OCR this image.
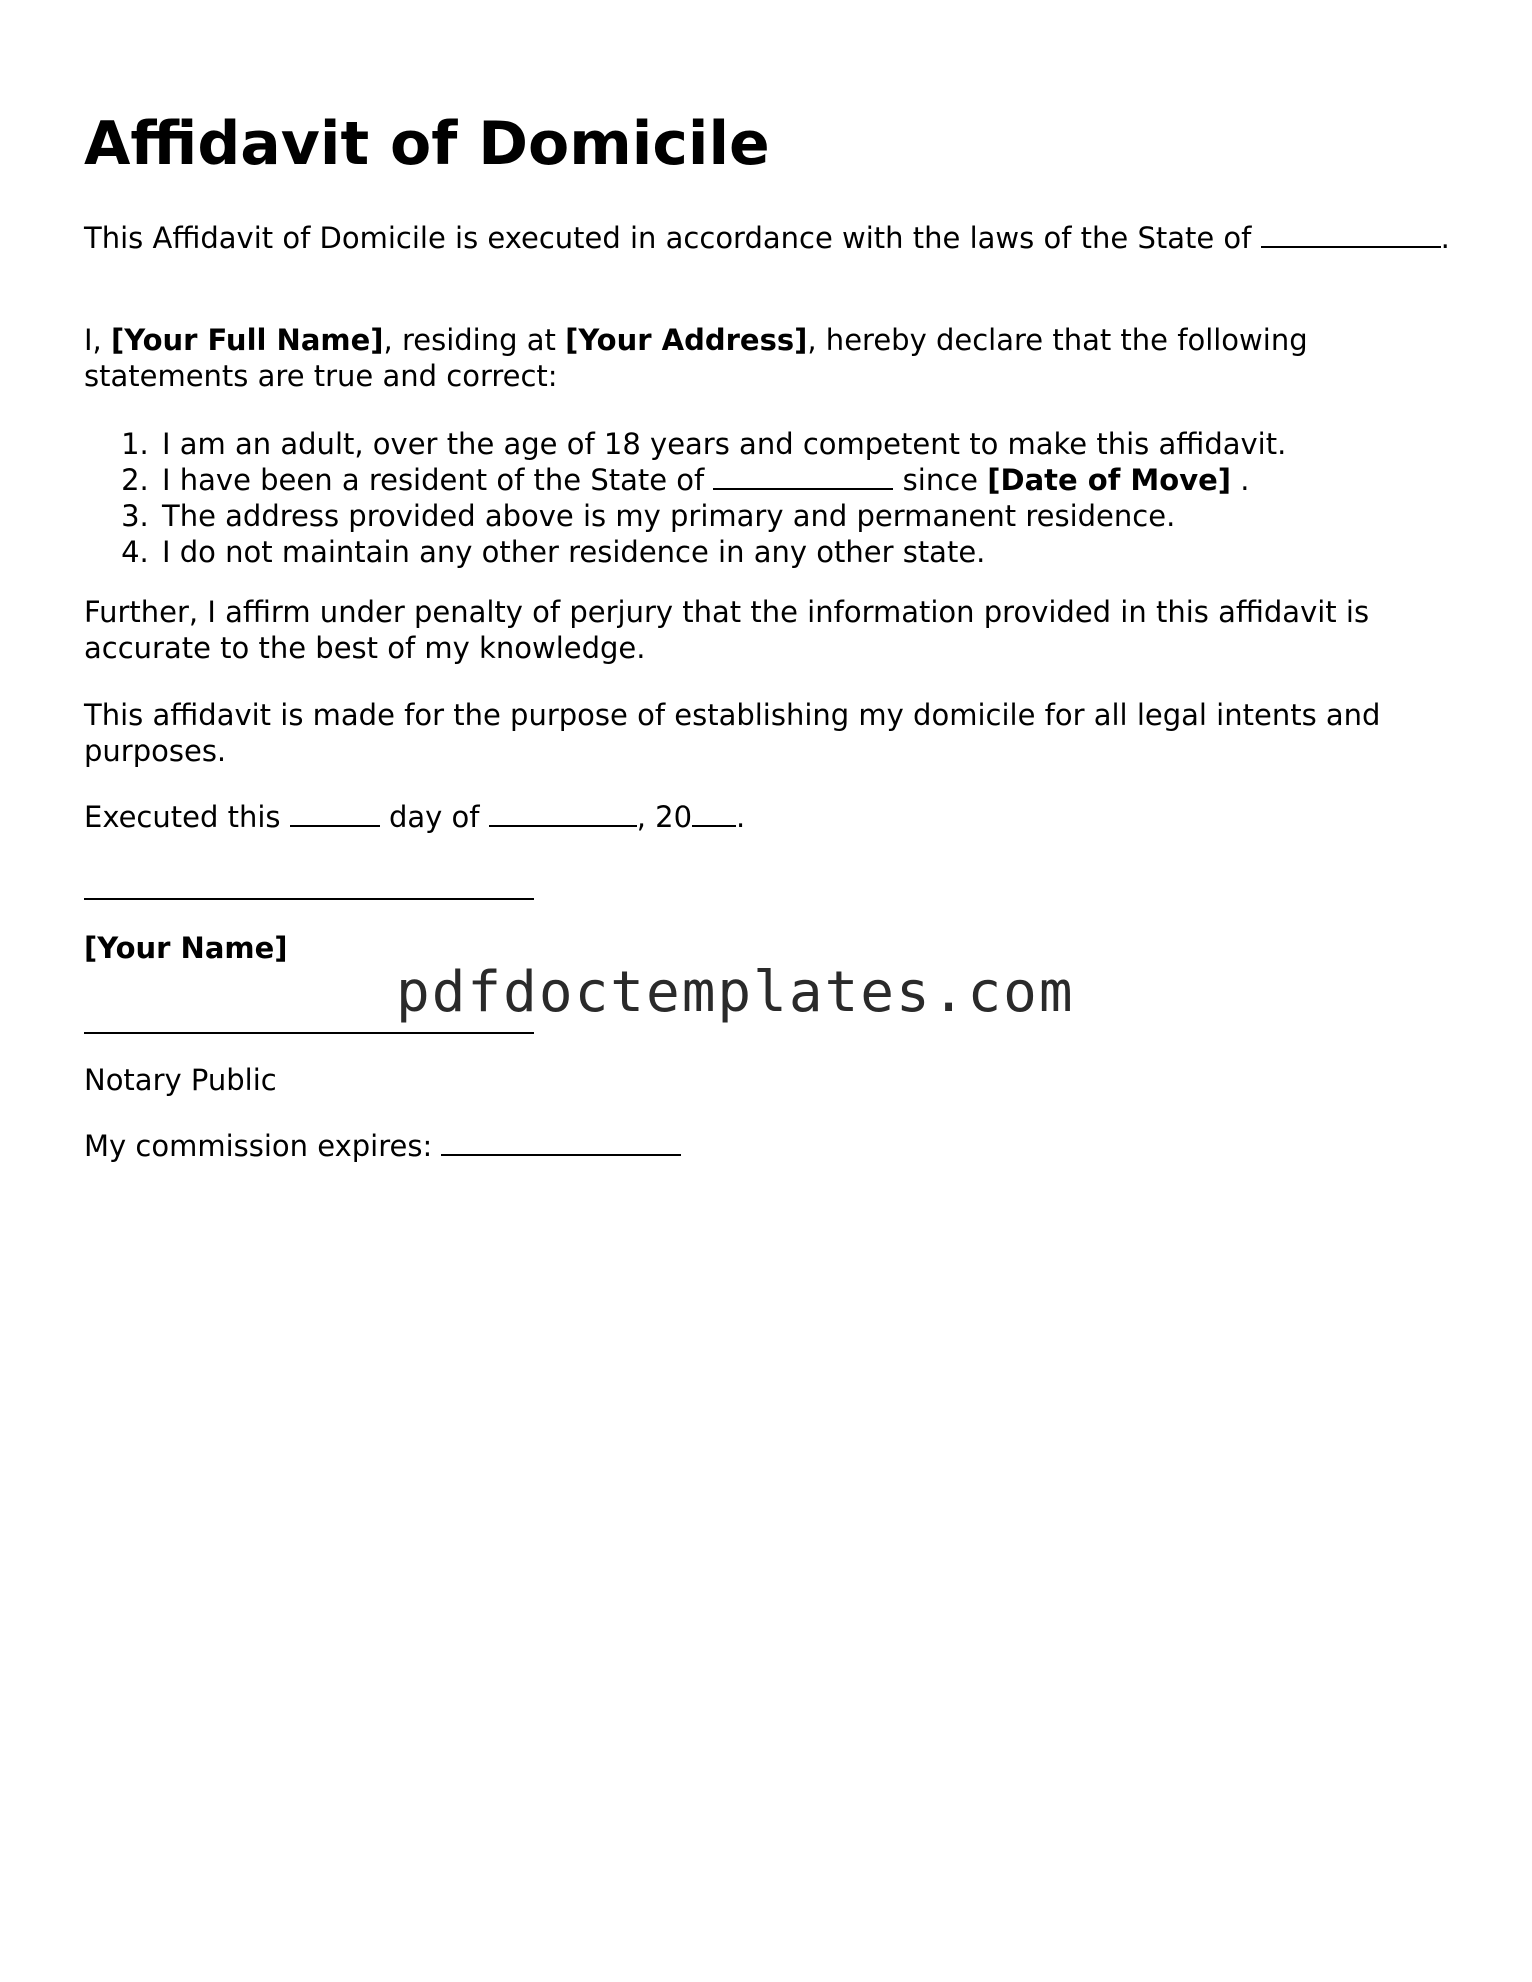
Affidavit of Domicile

This Affidavit of Domicile is executed in accordance with the laws of the State of	.

I, [Your Full Name], residing at [Your Address], hereby declare that the following statements are true and correct:

1. I am an adult, over the age of 18 years and competent to make this affidavit.
2. I have been a resident of the State of	since [Date of Move] .
3. The address provided above is my primary and permanent residence.
4. I do not maintain any other residence in any other state.

Further, I affirm under penalty of perjury that the information provided in this affidavit is accurate to the best of my knowledge.

This affidavit is made for the purpose of establishing my domicile for all legal intents and purposes.

Executed this	day of	, 20 .

[Your Name]

Notary Public

My commission expires:

pdfdoctemplates.com
